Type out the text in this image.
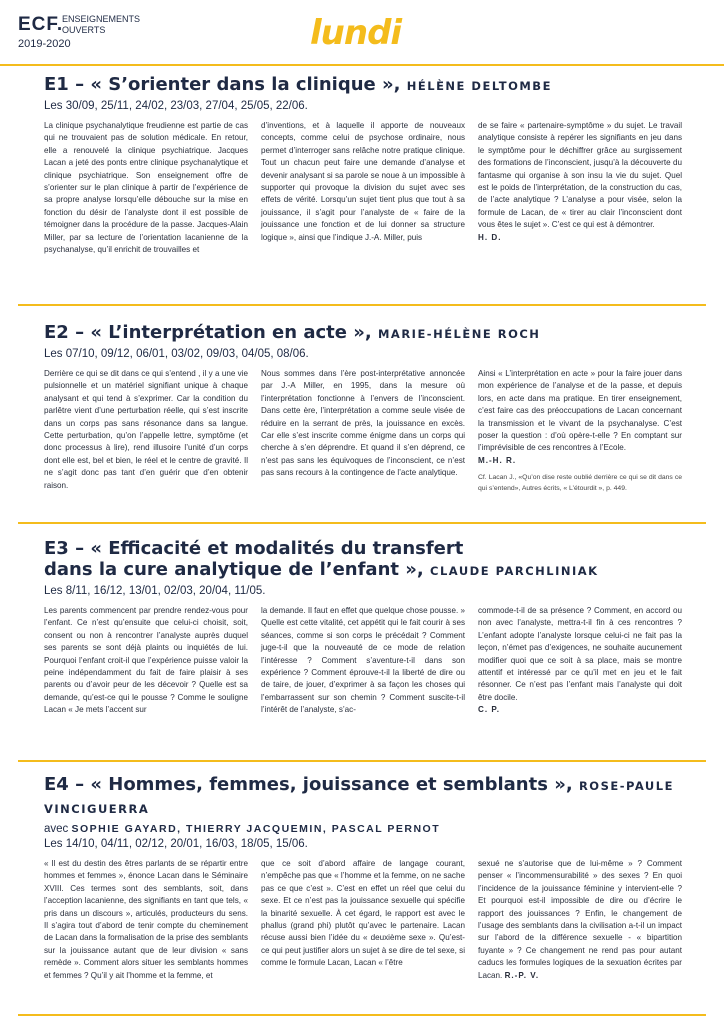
ECF.
ENSEIGNEMENTS
OUVERTS
2019-2020	lundi
E1 – « S’orienter dans la clinique », HÉLÈNE DELTOMBE
Les 30/09, 25/11, 24/02, 23/03, 27/04, 25/05, 22/06.

La clinique psychanalytique freudienne est partie de cas qui ne trouvaient pas de solution médicale. En retour, elle a renouvelé la clinique psychiatrique. Jacques Lacan a jeté des ponts entre clinique psychanalytique et clinique psychiatrique. Son enseignement offre de s’orienter sur le plan clinique à partir de l’expérience de sa propre analyse lorsqu’elle débouche sur la mise en fonction du désir de l’analyste dont il est possible de témoigner dans la procédure de la passe. Jacques-Alain Miller, par sa lecture de l’orientation lacanienne de la psychanalyse, qu’il enrichit de trouvailles et

d’inventions, et à laquelle il apporte de nouveaux concepts, comme celui de psychose ordinaire, nous permet d’interroger sans relâche notre pratique clinique. Tout un chacun peut faire une demande d’analyse et devenir analysant si sa parole se noue à un impossible à supporter qui provoque la division du sujet avec ses effets de vérité. Lorsqu’un sujet tient plus que tout à sa jouissance, il s’agit pour l’analyste de « faire de la jouissance une fonction et de lui donner sa structure logique », ainsi que l’indique J.-A. Miller, puis

de se faire « partenaire-symptôme » du sujet. Le travail analytique consiste à repérer les signifiants en jeu dans le symptôme pour le déchiffrer grâce au surgissement des formations de l’inconscient, jusqu’à la découverte du fantasme qui organise à son insu la vie du sujet. Quel est le poids de l’interprétation, de la construction du cas, de l’acte analytique ? L’analyse a pour visée, selon la formule de Lacan, de « tirer au clair l’inconscient dont vous êtes le sujet ». C’est ce qui est à démontrer.

H. D.

E2 – « L’interprétation en acte », MARIE-HÉLÈNE ROCH
Les 07/10, 09/12, 06/01, 03/02, 09/03, 04/05, 08/06.

Derrière ce qui se dit dans ce qui s’entend , il y a une vie pulsionnelle et un matériel signifiant unique à chaque analysant et qui tend à s’exprimer. Car la condition du parlêtre vient d’une perturbation réelle, qui s’est inscrite dans un corps pas sans résonance dans sa langue. Cette perturbation, qu’on l’appelle lettre, symptôme (et donc processus à lire), rend illusoire l’unité d’un corps dont elle est, bel et bien, le réel et le centre de gravité. Il ne s’agit donc pas tant d’en guérir que d’en obtenir raison.

Nous sommes dans l’ère post-interprétative annoncée par J.-A Miller, en 1995, dans la mesure où l’interprétation fonctionne à l’envers de l’inconscient. Dans cette ère, l’interprétation a comme seule visée de réduire en la serrant de près, la jouissance en excès. Car elle s’est inscrite comme énigme dans un corps qui cherche à s’en déprendre. Et quand il s’en déprend, ce n’est pas sans les équivoques de l’inconscient, ce n’est pas sans recours à la contingence de l’acte analytique.

Ainsi « L’interprétation en acte » pour la faire jouer dans mon expérience de l’analyse et de la passe, et depuis lors, en acte dans ma pratique. En tirer enseignement, c’est faire cas des préoccupations de Lacan concernant la transmission et le vivant de la psychanalyse. C’est poser la question : d’où opère-t-elle ? En comptant sur l’imprévisible de ces rencontres à l’Ecole.

M.-H. R.

Cf. Lacan J., «Qu’on dise reste oublié derrière ce qui se dit dans ce qui s’entend», Autres écrits, « L’étourdit », p. 449.

E3 – « Efficacité et modalités du transfert
dans la cure analytique de l’enfant », CLAUDE PARCHLINIAK
Les 8/11, 16/12, 13/01, 02/03, 20/04, 11/05.

Les parents commencent par prendre rendez-vous pour l’enfant. Ce n’est qu’ensuite que celui-ci choisit, soit, consent ou non à rencontrer l’analyste auprès duquel ses parents se sont déjà plaints ou inquiétés de lui. Pourquoi l’enfant croit-il que l’expérience puisse valoir la peine indépendamment du fait de faire plaisir à ses parents ou d’avoir peur de les décevoir ? Quelle est sa demande, qu’est-ce qui le pousse ? Comme le souligne Lacan « Je mets l’accent sur

la demande. Il faut en effet que quelque chose pousse. » Quelle est cette vitalité, cet appétit qui le fait courir à ses séances, comme si son corps le précédait ? Comment juge-t-il que la nouveauté de ce mode de relation l’intéresse ? Comment s’aventure-t-il dans son expérience ? Comment éprouve-t-il la liberté de dire ou de taire, de jouer, d’exprimer à sa façon les choses qui l’embarrassent sur son chemin ? Comment suscite-t-il l’intérêt de l’analyste, s’ac-

commode-t-il de sa présence ? Comment, en accord ou non avec l’analyste, mettra-t-il fin à ces rencontres ? L’enfant adopte l’analyste lorsque celui-ci ne fait pas la leçon, n’émet pas d’exigences, ne souhaite aucunement modifier quoi que ce soit à sa place, mais se montre attentif et intéressé par ce qu’il met en jeu et le fait résonner. Ce n’est pas l’enfant mais l’analyste qui doit être docile.

C. P.

E4 – « Hommes, femmes, jouissance et semblants », ROSE-PAULE VINCIGUERRA
avec SOPHIE GAYARD, THIERRY JACQUEMIN, PASCAL PERNOT
Les 14/10, 04/11, 02/12, 20/01, 16/03, 18/05, 15/06.

« Il est du destin des êtres parlants de se répartir entre hommes et femmes », énonce Lacan dans le Séminaire XVIII. Ces termes sont des semblants, soit, dans l’acception lacanienne, des signifiants en tant que tels, « pris dans un discours », articulés, producteurs du sens. Il s’agira tout d’abord de tenir compte du cheminement de Lacan dans la formalisation de la prise des semblants sur la jouissance autant que de leur division « sans remède ». Comment alors situer les semblants hommes et femmes ? Qu’il y ait l’homme et la femme, et

que ce soit d’abord affaire de langage courant, n’empêche pas que « l’homme et la femme, on ne sache pas ce que c’est ». C’est en effet un réel que celui du sexe. Et ce n’est pas la jouissance sexuelle qui spécifie la binarité sexuelle. À cet égard, le rapport est avec le phallus (grand phi) plutôt qu’avec le partenaire. Lacan récuse aussi bien l’idée du « deuxième sexe ». Qu’est-ce qui peut justifier alors un sujet à se dire de tel sexe, si comme le formule Lacan, Lacan « l’être

sexué ne s’autorise que de lui-même » ? Comment penser « l’incommensurabilité » des sexes ? En quoi l’incidence de la jouissance féminine y intervient-elle ? Et pourquoi est-il impossible de dire ou d’écrire le rapport des jouissances ? Enfin, le changement de l’usage des semblants dans la civilisation a-t-il un impact sur l’abord de la différence sexuelle - « bipartition fuyante » ? Ce changement ne rend pas pour autant caducs les formules logiques de la sexuation écrites par Lacan. R.-P. V.
